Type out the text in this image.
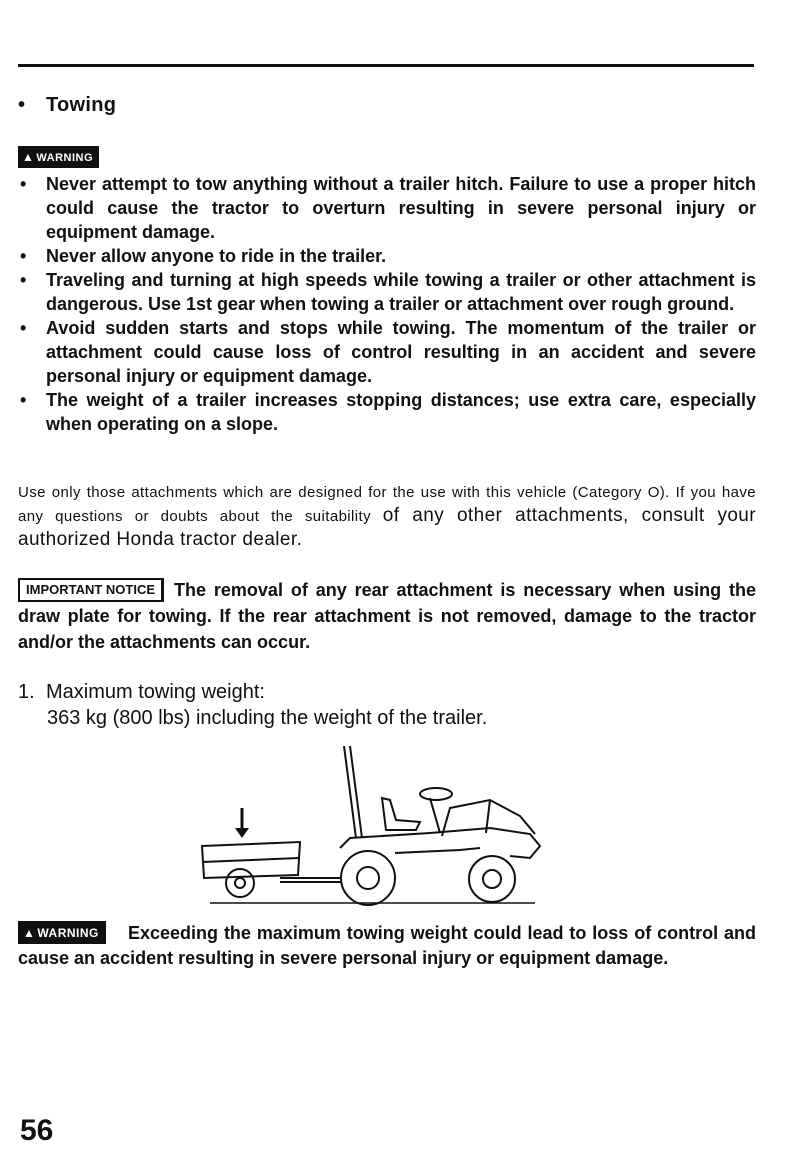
• Towing
▲ WARNING
• Never attempt to tow anything without a trailer hitch. Failure to use a proper hitch could cause the tractor to overturn resulting in severe personal injury or equipment damage.
• Never allow anyone to ride in the trailer.
• Traveling and turning at high speeds while towing a trailer or other attachment is dangerous. Use 1st gear when towing a trailer or attachment over rough ground.
• Avoid sudden starts and stops while towing. The momentum of the trailer or attachment could cause loss of control resulting in an accident and severe personal injury or equipment damage.
• The weight of a trailer increases stopping distances; use extra care, especially when operating on a slope.
Use only those attachments which are designed for the use with this vehicle (Category O). If you have any questions or doubts about the suitability of any other attachments, consult your authorized Honda tractor dealer.
IMPORTANT NOTICE The removal of any rear attachment is necessary when using the draw plate for towing. If the rear attachment is not removed, damage to the tractor and/or the attachments can occur.
1. Maximum towing weight:
363 kg (800 lbs) including the weight of the trailer.
▲ WARNING	Exceeding the maximum towing weight could lead to loss of control and cause an accident resulting in severe personal injury or equipment damage.
56
